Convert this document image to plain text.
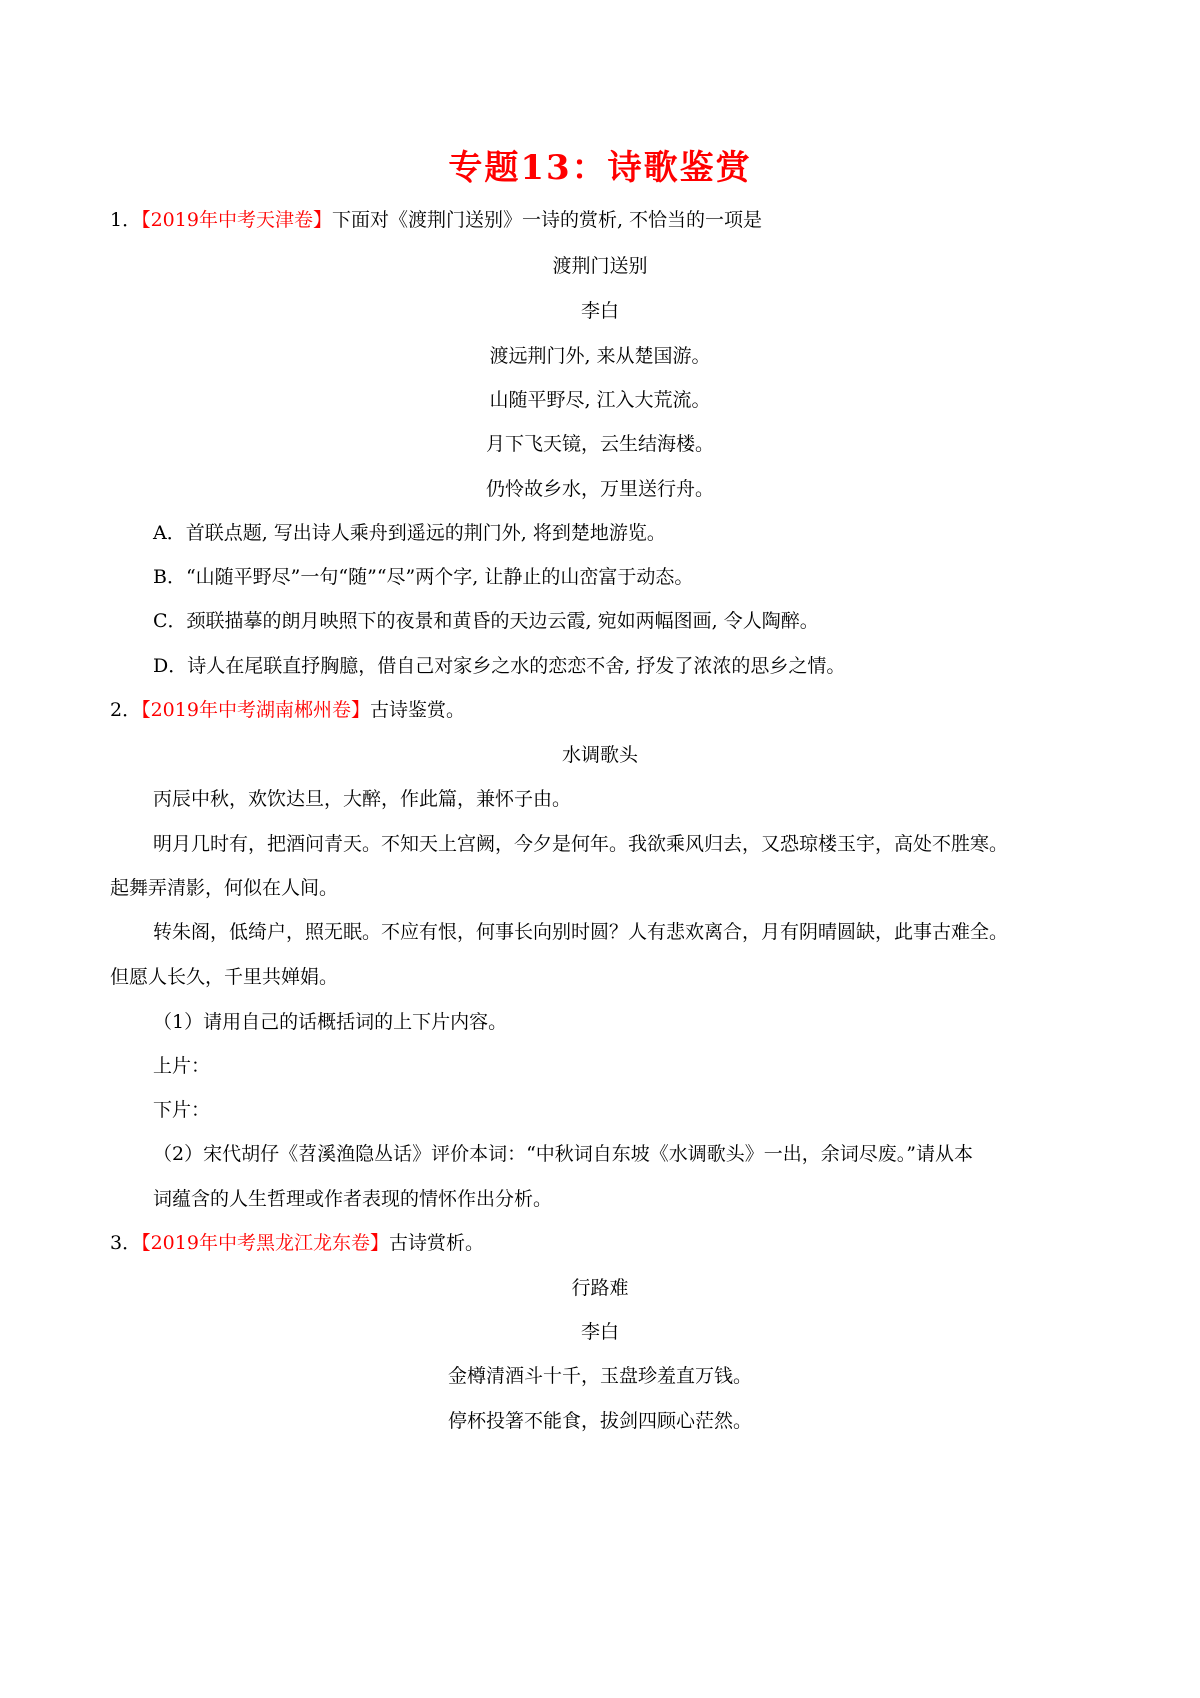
专题13：诗歌鉴赏
1．【2019年中考天津卷】下面对《渡荆门送别》一诗的赏析, 不恰当的一项是
渡荆门送别
李白
渡远荆门外, 来从楚国游。
山随平野尽, 江入大荒流。
月下飞天镜，云生结海楼。
仍怜故乡水，万里送行舟。
A．首联点题, 写出诗人乘舟到遥远的荆门外, 将到楚地游览。
B．“山随平野尽”一句“随”“尽”两个字, 让静止的山峦富于动态。
C．颈联描摹的朗月映照下的夜景和黄昏的天边云霞, 宛如两幅图画, 令人陶醉。
D．诗人在尾联直抒胸臆，借自己对家乡之水的恋恋不舍, 抒发了浓浓的思乡之情。
2．【2019年中考湖南郴州卷】古诗鉴赏。
水调歌头
丙辰中秋，欢饮达旦，大醉，作此篇，兼怀子由。
明月几时有，把酒问青天。不知天上宫阙，今夕是何年。我欲乘风归去，又恐琼楼玉宇，高处不胜寒。
起舞弄清影，何似在人间。
转朱阁，低绮户，照无眠。不应有恨，何事长向别时圆？人有悲欢离合，月有阴晴圆缺，此事古难全。
但愿人长久，千里共婵娟。
（1）请用自己的话概括词的上下片内容。
上片：
下片：
（2）宋代胡仔《苕溪渔隐丛话》评价本词：“中秋词自东坡《水调歌头》一出，余词尽废。”请从本
词蕴含的人生哲理或作者表现的情怀作出分析。
3．【2019年中考黑龙江龙东卷】古诗赏析。
行路难
李白
金樽清酒斗十千，玉盘珍羞直万钱。
停杯投箸不能食，拔剑四顾心茫然。
